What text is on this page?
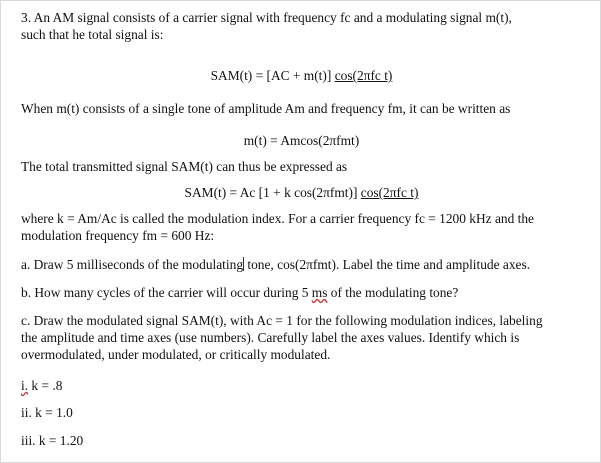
3. An AM signal consists of a carrier signal with frequency fc and a modulating signal m(t),
such that he total signal is:
SAM(t) = [AC + m(t)] cos(2πfc t)
When m(t) consists of a single tone of amplitude Am and frequency fm, it can be written as
m(t) = Amcos(2πfmt)
The total transmitted signal SAM(t) can thus be expressed as
SAM(t) = Ac [1 + k cos(2πfmt)] cos(2πfc t)
where k = Am/Ac is called the modulation index. For a carrier frequency fc = 1200 kHz and the
modulation frequency fm = 600 Hz:
a. Draw 5 milliseconds of the modulating tone, cos(2πfmt). Label the time and amplitude axes.
b. How many cycles of the carrier will occur during 5 ms of the modulating tone?
c. Draw the modulated signal SAM(t), with Ac = 1 for the following modulation indices, labeling
the amplitude and time axes (use numbers). Carefully label the axes values. Identify which is
overmodulated, under modulated, or critically modulated.
i. k = .8
ii. k = 1.0
iii. k = 1.20
